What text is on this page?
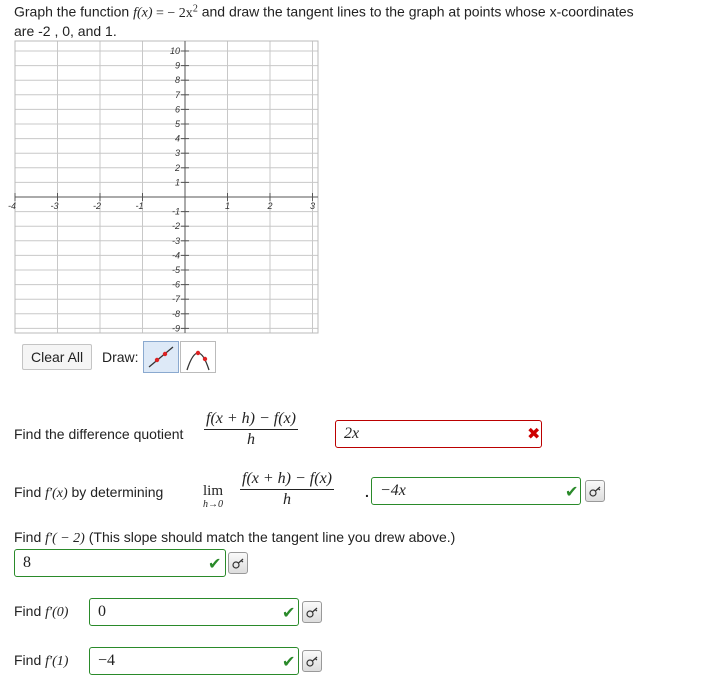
Graph the function f(x) = − $2x^2$ and draw the tangent lines to the graph at points whose x-coordinates
are -2 , 0, and 1.
-4	-3	-2	-1	1	2	3
10
9
8
7
6
5
4
3
2
1
-1
-2
-3
-4
-5
-6
-7
-8
-9
Clear All	Draw:
Find the difference quotient
f(x + h) − f(x)
h	2x	✖
Find f′(x) by determining	lim
h→0
f(x + h) − f(x)
h	. −4x	✔
Find f′( − 2) (This slope should match the tangent line you drew above.)
8	✔
Find f′(0) 0	✔
Find f′(1) −4	✔
